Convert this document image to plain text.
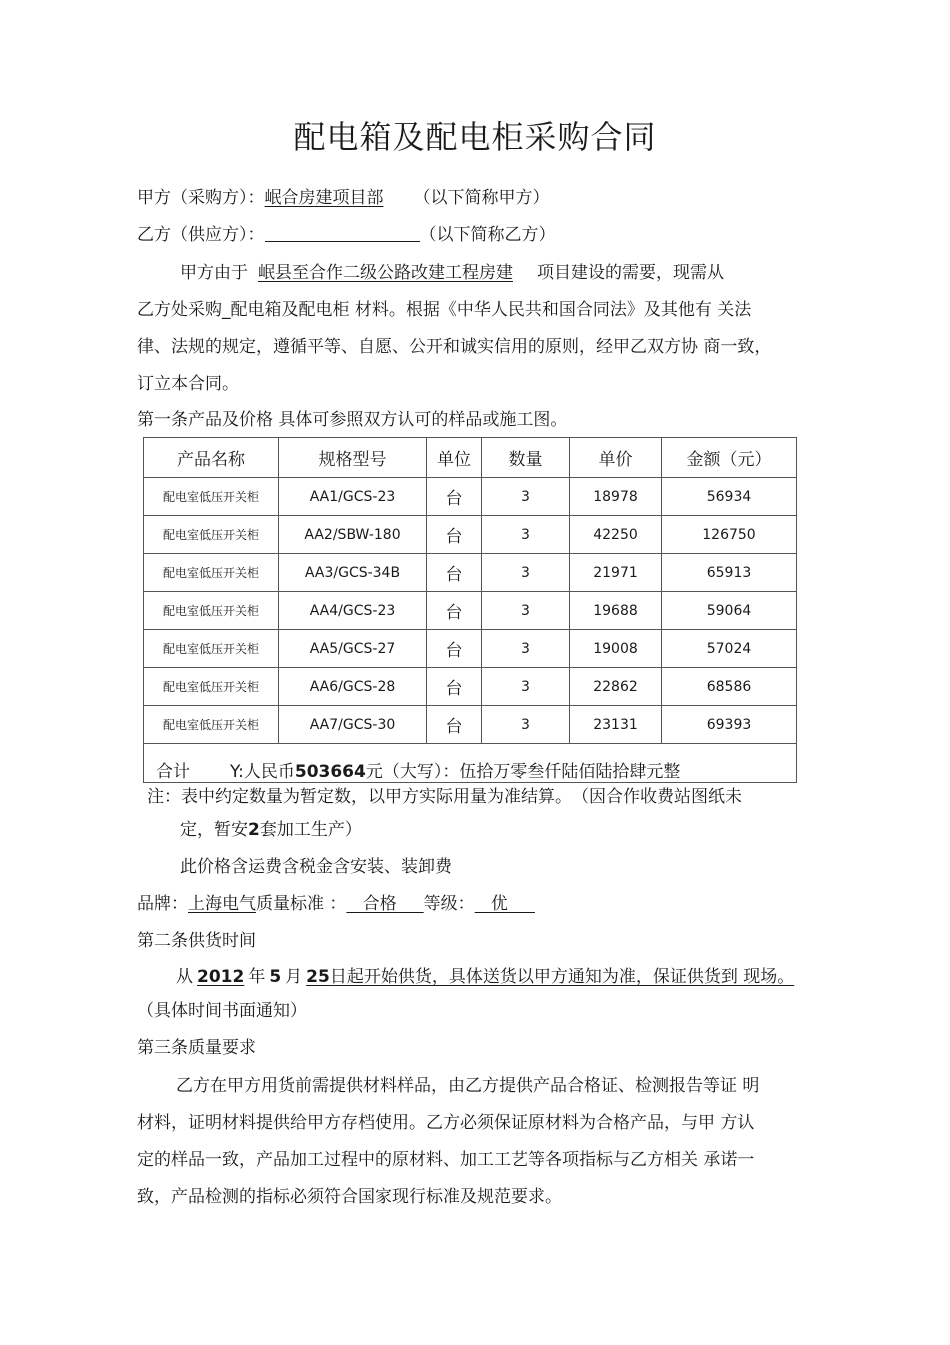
配电箱及配电柜采购合同
甲方（采购方）：岷合房建项目部 （以下简称甲方）
乙方（供应方）：	（以下简称乙方）
甲方由于 岷县至合作二级公路改建工程房建 项目建设的需要，现需从
乙方处采购_配电箱及配电柜 材料。根据《中华人民共和国合同法》及其他有 关法
律、法规的规定，遵循平等、自愿、公开和诚实信用的原则，经甲乙双方协 商一致，
订立本合同。
第一条产品及价格 具体可参照双方认可的样品或施工图。
产品名称	规格型号	单位	数量	单价	金额（元）
配电室低压开关柜	AA1/GCS-23	台	3	18978	56934
配电室低压开关柜	AA2/SBW-180	台	3	42250	126750
配电室低压开关柜	AA3/GCS-34B	台	3	21971	65913
配电室低压开关柜	AA4/GCS-23	台	3	19688	59064
配电室低压开关柜	AA5/GCS-27	台	3	19008	57024
配电室低压开关柜	AA6/GCS-28	台	3	22862	68586
配电室低压开关柜	AA7/GCS-30	台	3	23131	69393
合计 Y:人民币503664元（大写）：伍拾万零叁仟陆佰陆拾肆元整					
注：表中约定数量为暂定数，以甲方实际用量为准结算。　（因合作收费站图纸未
定，暂安2套加工生产）
此价格含运费含税金含安装、装卸费
品牌：上海电气质量标准 ： 合格 等级： 优
第二条供货时间
从 2012 年 5 月 25日起开始供货，具体送货以甲方通知为准，保证供货到 现场。
（具体时间书面通知）
第三条质量要求
乙方在甲方用货前需提供材料样品，由乙方提供产品合格证、检测报告等证 明
材料，证明材料提供给甲方存档使用。乙方必须保证原材料为合格产品，与甲 方认
定的样品一致，产品加工过程中的原材料、加工工艺等各项指标与乙方相关 承诺一
致，产品检测的指标必须符合国家现行标准及规范要求。
